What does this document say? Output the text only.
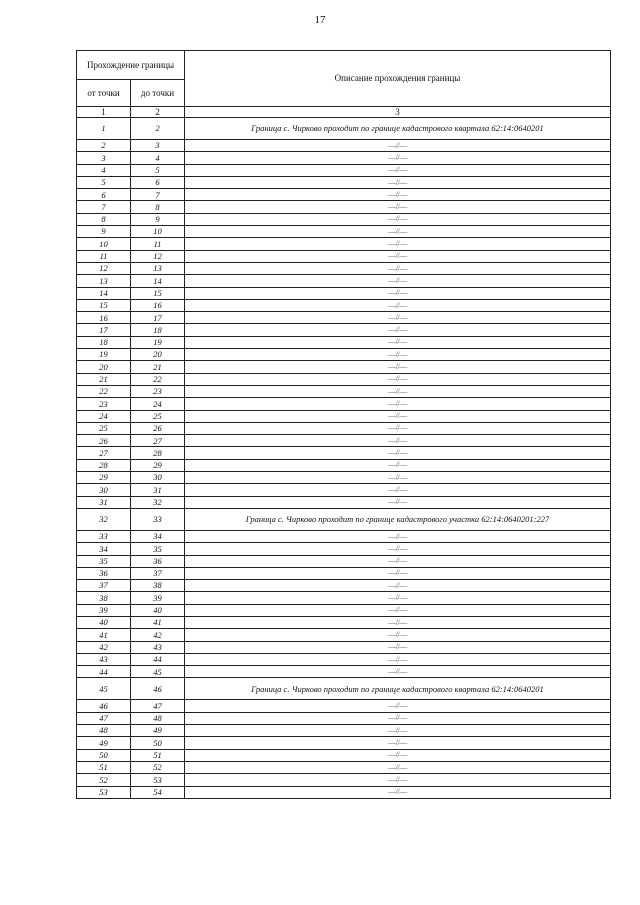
17
Прохождение границы		Описание прохождения границы
от точки	до точки	
1	2	3
1	2	Граница с. Чирково проходит по границе кадастрового квартала 62:14:0640201
2	3	—//—
3	4	—//—
4	5	—//—
5	6	—//—
6	7	—//—
7	8	—//—
8	9	—//—
9	10	—//—
10	11	—//—
11	12	—//—
12	13	—//—
13	14	—//—
14	15	—//—
15	16	—//—
16	17	—//—
17	18	—//—
18	19	—//—
19	20	—//—
20	21	—//—
21	22	—//—
22	23	—//—
23	24	—//—
24	25	—//—
25	26	—//—
26	27	—//—
27	28	—//—
28	29	—//—
29	30	—//—
30	31	—//—
31	32	—//—
32	33	Граница с. Чирково проходит по границе кадастрового участка 62:14:0640201:227
33	34	—//—
34	35	—//—
35	36	—//—
36	37	—//—
37	38	—//—
38	39	—//—
39	40	—//—
40	41	—//—
41	42	—//—
42	43	—//—
43	44	—//—
44	45	—//—
45	46	Граница с. Чирково проходит по границе кадастрового квартала 62:14:0640201
46	47	—//—
47	48	—//—
48	49	—//—
49	50	—//—
50	51	—//—
51	52	—//—
52	53	—//—
53	54	—//—
